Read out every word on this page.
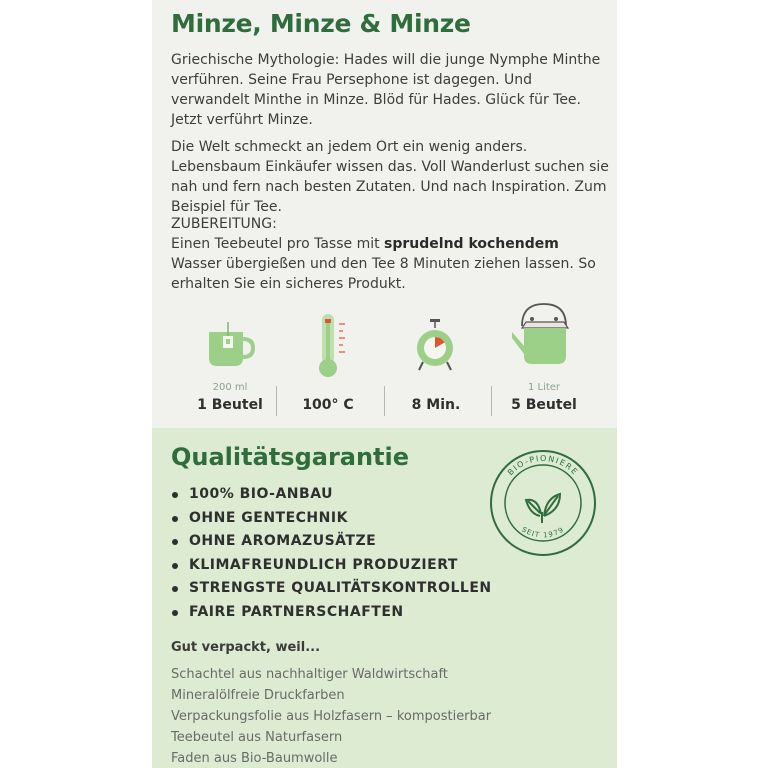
Minze, Minze & Minze

Griechische Mythologie: Hades will die junge Nymphe Minthe verführen. Seine Frau Persephone ist dagegen. Und verwandelt Minthe in Minze. Blöd für Hades. Glück für Tee. Jetzt verführt Minze.

Die Welt schmeckt an jedem Ort ein wenig anders. Lebensbaum Einkäufer wissen das. Voll Wanderlust suchen sie nah und fern nach besten Zutaten. Und nach Inspiration. Zum Beispiel für Tee.

ZUBEREITUNG:
Einen Teebeutel pro Tasse mit sprudelnd kochendem Wasser übergießen und den Tee 8 Minuten ziehen lassen. So erhalten Sie ein sicheres Produkt.

200 ml
1 Beutel	100° C	8 Min.
1 Liter
5 Beutel
Qualitätsgarantie
100% BIO-ANBAU
OHNE GENTECHNIK
OHNE AROMAZUSÄTZE
KLIMAFREUNDLICH PRODUZIERT
STRENGSTE QUALITÄTSKONTROLLEN
FAIRE PARTNERSCHAFTEN
BIO-PIONIERE
SEIT 1979
Gut verpackt, weil...
Schachtel aus nachhaltiger Waldwirtschaft
Mineralölfreie Druckfarben
Verpackungsfolie aus Holzfasern – kompostierbar
Teebeutel aus Naturfasern
Faden aus Bio-Baumwolle
